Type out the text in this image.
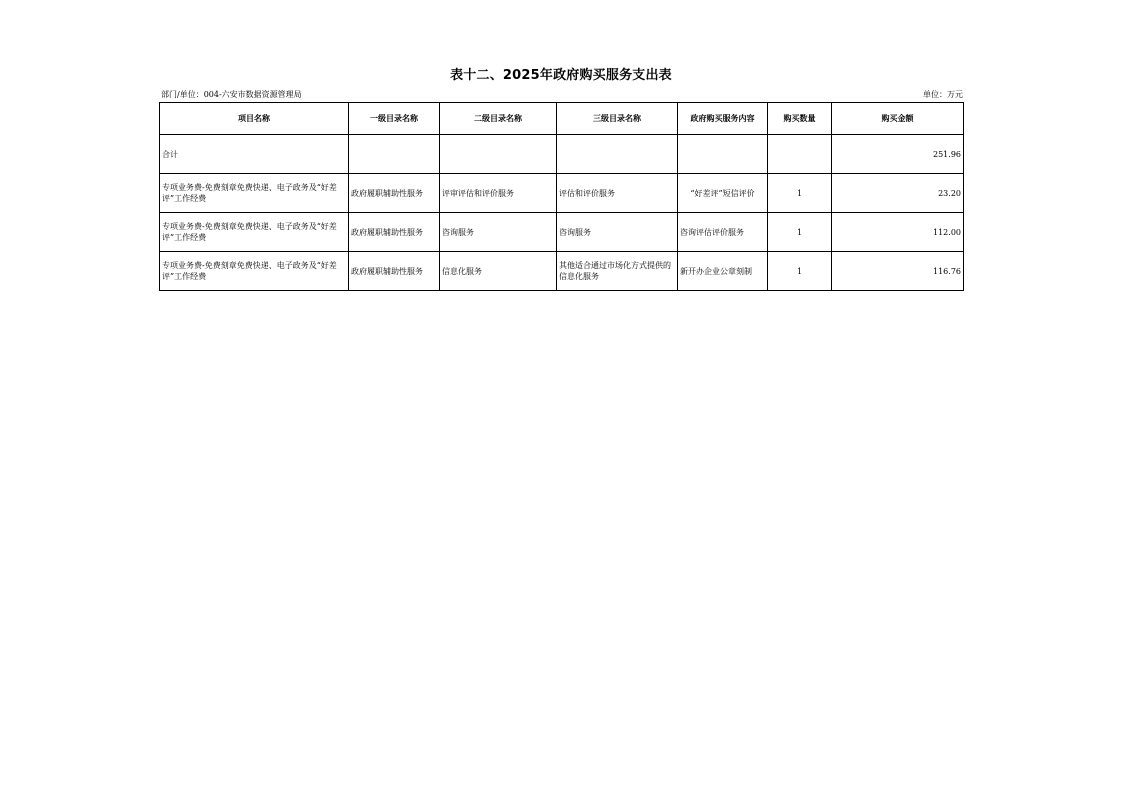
表十二、2025年政府购买服务支出表
部门/单位：004-六安市数据资源管理局	单位：万元
项目名称	一级目录名称	二级目录名称	三级目录名称	政府购买服务内容	购买数量	购买金额
合计						251.96
专项业务费-免费刻章免费快递、电子政务及“好差评”工作经费	政府履职辅助性服务	评审评估和评价服务	评估和评价服务	“好差评”短信评价	1	23.20
专项业务费-免费刻章免费快递、电子政务及“好差评”工作经费	政府履职辅助性服务	咨询服务	咨询服务	咨询评估评价服务	1	112.00
专项业务费-免费刻章免费快递、电子政务及“好差评”工作经费	政府履职辅助性服务	信息化服务	其他适合通过市场化方式提供的信息化服务	新开办企业公章刻制	1	116.76
